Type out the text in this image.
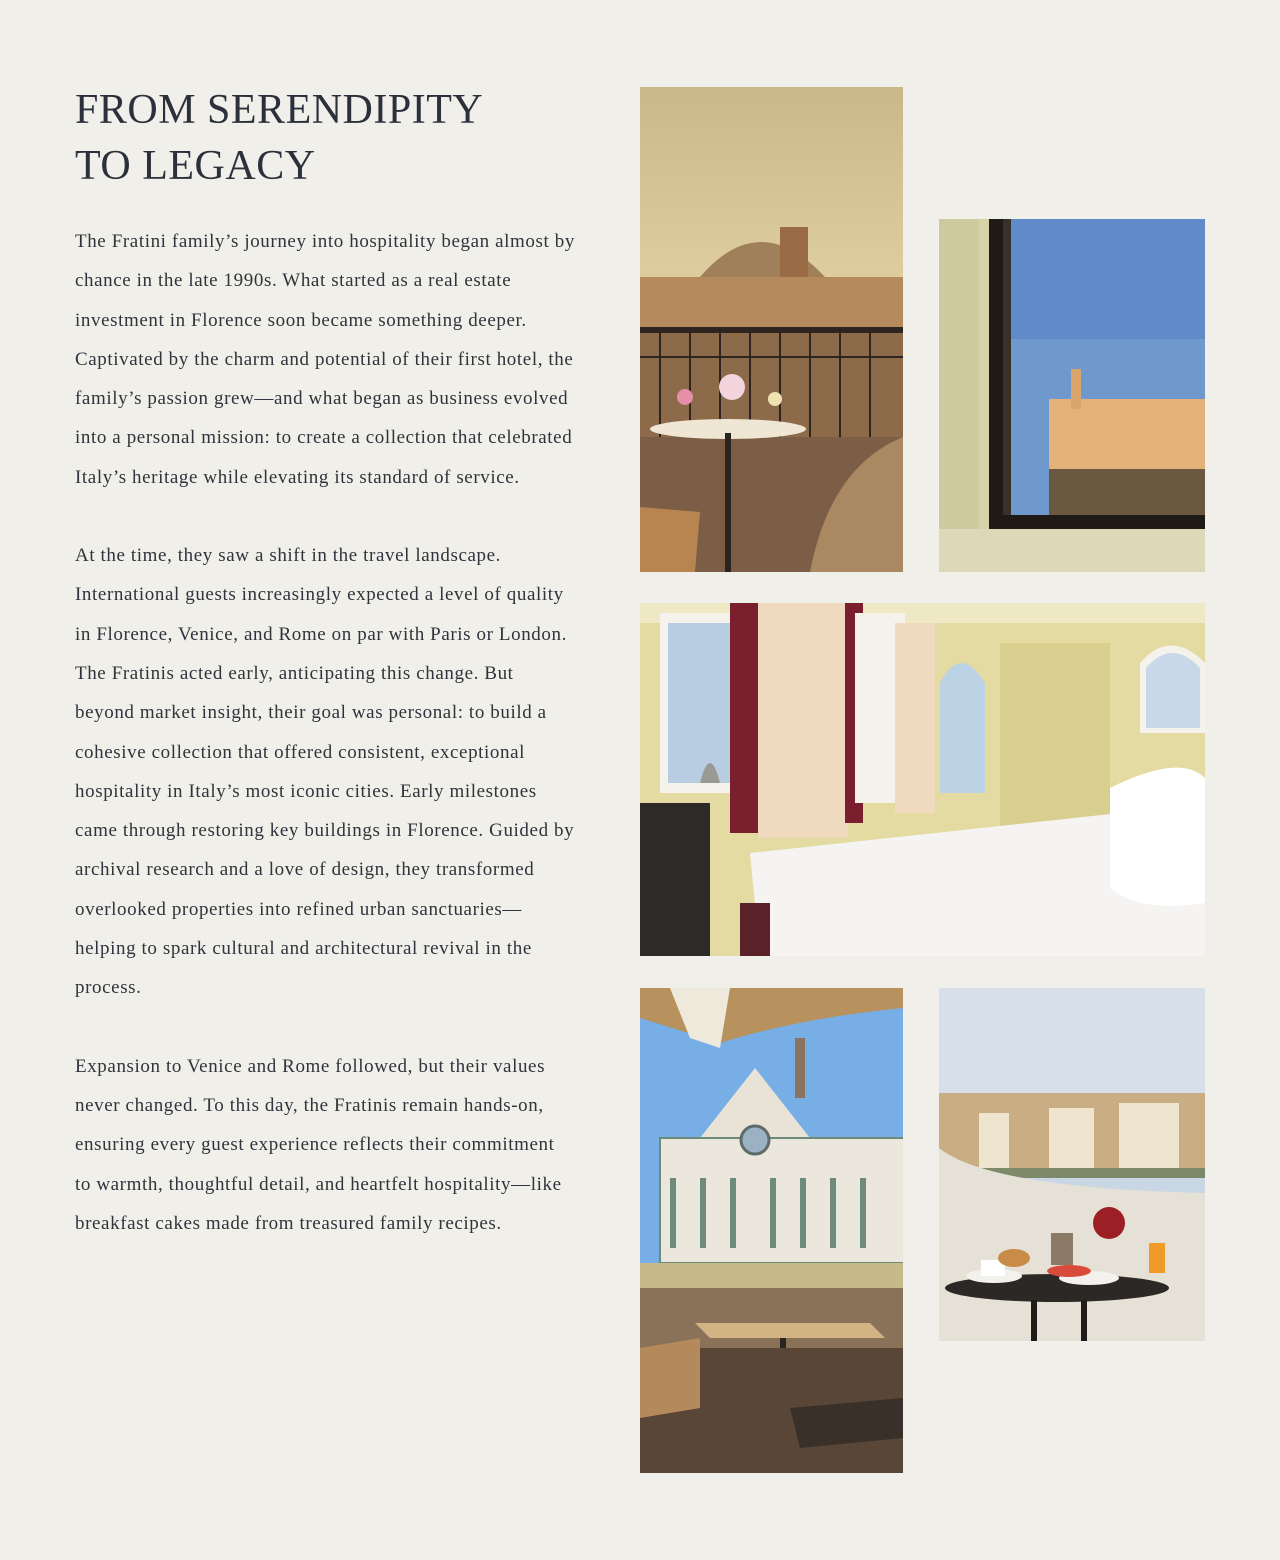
FROM SERENDIPITY
TO LEGACY

The Fratini family’s journey into hospitality began almost by chance in the late 1990s. What started as a real estate investment in Florence soon became something deeper. Captivated by the charm and potential of their first hotel, the family’s passion grew—and what began as business evolved into a personal mission: to create a collection that celebrated Italy’s heritage while elevating its standard of service.

At the time, they saw a shift in the travel landscape. International guests increasingly expected a level of quality in Florence, Venice, and Rome on par with Paris or London. The Fratinis acted early, anticipating this change. But beyond market insight, their goal was personal: to build a cohesive collection that offered consistent, exceptional hospitality in Italy’s most iconic cities. Early milestones came through restoring key buildings in Florence. Guided by archival research and a love of design, they transformed overlooked properties into refined urban sanctuaries—helping to spark cultural and architectural revival in the process.

Expansion to Venice and Rome followed, but their values never changed. To this day, the Fratinis remain hands-on, ensuring every guest experience reflects their commitment to warmth, thoughtful detail, and heartfelt hospitality—like breakfast cakes made from treasured family recipes.
